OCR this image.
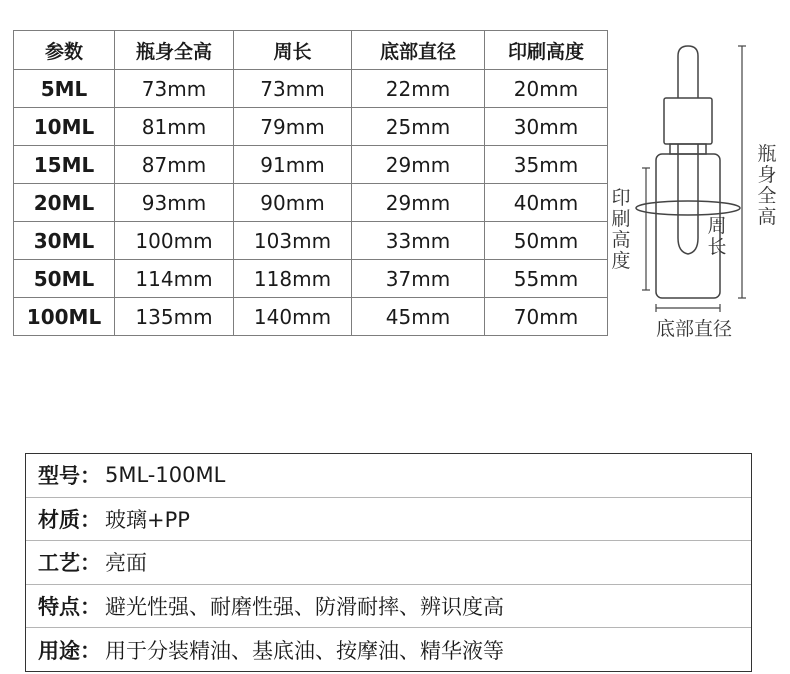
参数	瓶身全高	周长	底部直径	印刷高度
5ML	73mm	73mm	22mm	20mm
10ML	81mm	79mm	25mm	30mm
15ML	87mm	91mm	29mm	35mm
20ML	93mm	90mm	29mm	40mm
30ML	100mm	103mm	33mm	50mm
50ML	114mm	118mm	37mm	55mm
100ML	135mm	140mm	45mm	70mm
瓶身全高
印刷高度
周长
底部直径
型号： 5ML-100ML
材质： 玻璃+PP
工艺： 亮面
特点： 避光性强、耐磨性强、防滑耐摔、辨识度高
用途： 用于分装精油、基底油、按摩油、精华液等
